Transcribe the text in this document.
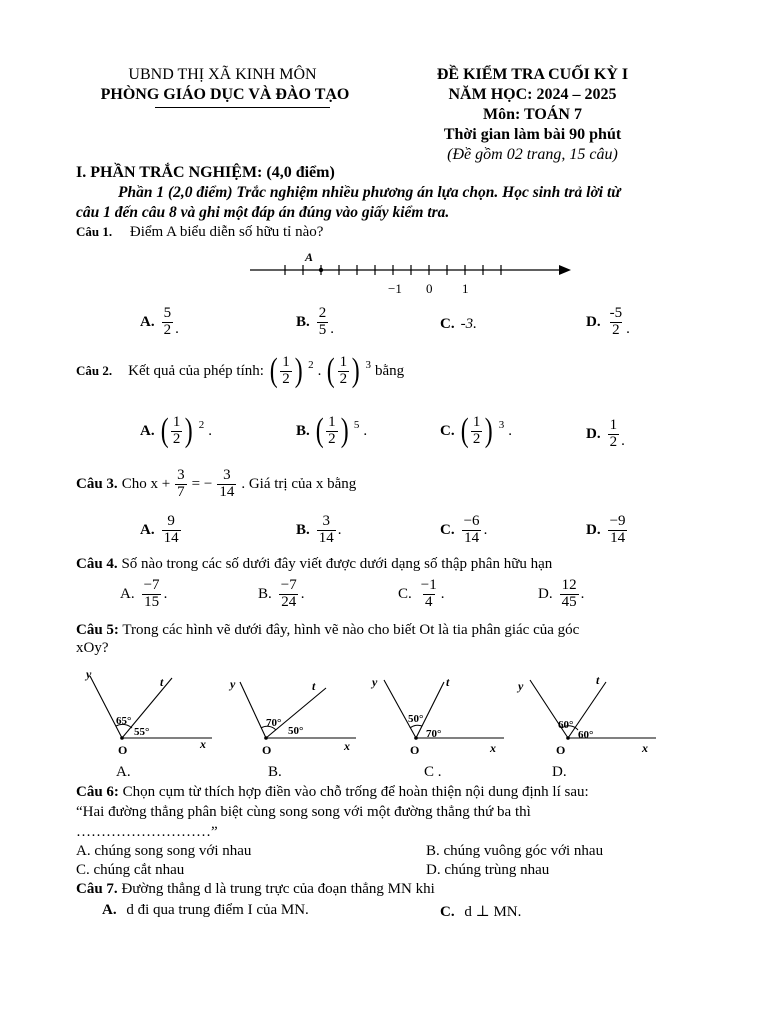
UBND THỊ XÃ KINH MÔN
PHÒNG GIÁO DỤC VÀ ĐÀO TẠO
ĐỀ KIỂM TRA CUỐI KỲ I
NĂM HỌC: 2024 – 2025
Môn: TOÁN 7
Thời gian làm bài 90 phút
(Đề gồm 02 trang, 15 câu)
I. PHẦN TRẮC NGHIỆM: (4,0 điểm)
Phần 1 (2,0 điểm) Trắc nghiệm nhiều phương án lựa chọn. Học sinh trả lời từ
câu 1 đến câu 8 và ghi một đáp án đúng vào giấy kiểm tra.
Câu 1. Điểm A biểu diễn số hữu tỉ nào?
A
−1 0 1
A. $\frac{5}{2}$ .	B. $\frac{2}{5}$ .	C. -3.	D. $\frac{-5}{2}$ .
Câu 2. Kết quả của phép tính: ( $\frac{1}{2}$ ) 2 . ( $\frac{1}{2}$ ) 3 bằng
A. ( $\frac{1}{2}$ ) 2 .	B. ( $\frac{1}{2}$ ) 5 .	C. ( $\frac{1}{2}$ ) 3 .	D. $\frac{1}{2}$ .
Câu 3. Cho $x + \frac{3}{7}$ = − $\frac{3}{14}$ . Giá trị của x bằng
A. $\frac{9}{14}$	B. $\frac{3}{14}$ .	C. $\frac{-6}{14}$ .	D. $\frac{-9}{14}$
Câu 4. Số nào trong các số dưới đây viết được dưới dạng số thập phân hữu hạn
A. $\frac{-7}{15}$ .	B. $\frac{-7}{24}$ .	C. $\frac{-1}{4}$ .	D. $\frac{12}{45}$ .
Câu 5: Trong các hình vẽ dưới đây, hình vẽ nào cho biết Ot là tia phân giác của góc
xOy?
y
t
65°
55°
O	x
A.
y	t
70°
50°
O	x
B.
y	t
50°
70°
O	x
C .
y	t
60°
60°
O	x
D.
Câu 6: Chọn cụm từ thích hợp điền vào chỗ trống để hoàn thiện nội dung định lí sau:
“Hai đường thẳng phân biệt cùng song song với một đường thẳng thứ ba thì
………………………”
A. chúng song song với nhau	B. chúng vuông góc với nhau
C. chúng cắt nhau	D. chúng trùng nhau
Câu 7. Đường thẳng d là trung trực của đoạn thẳng MN khi
A. d đi qua trung điểm I của MN.	C. d ⊥ MN.
